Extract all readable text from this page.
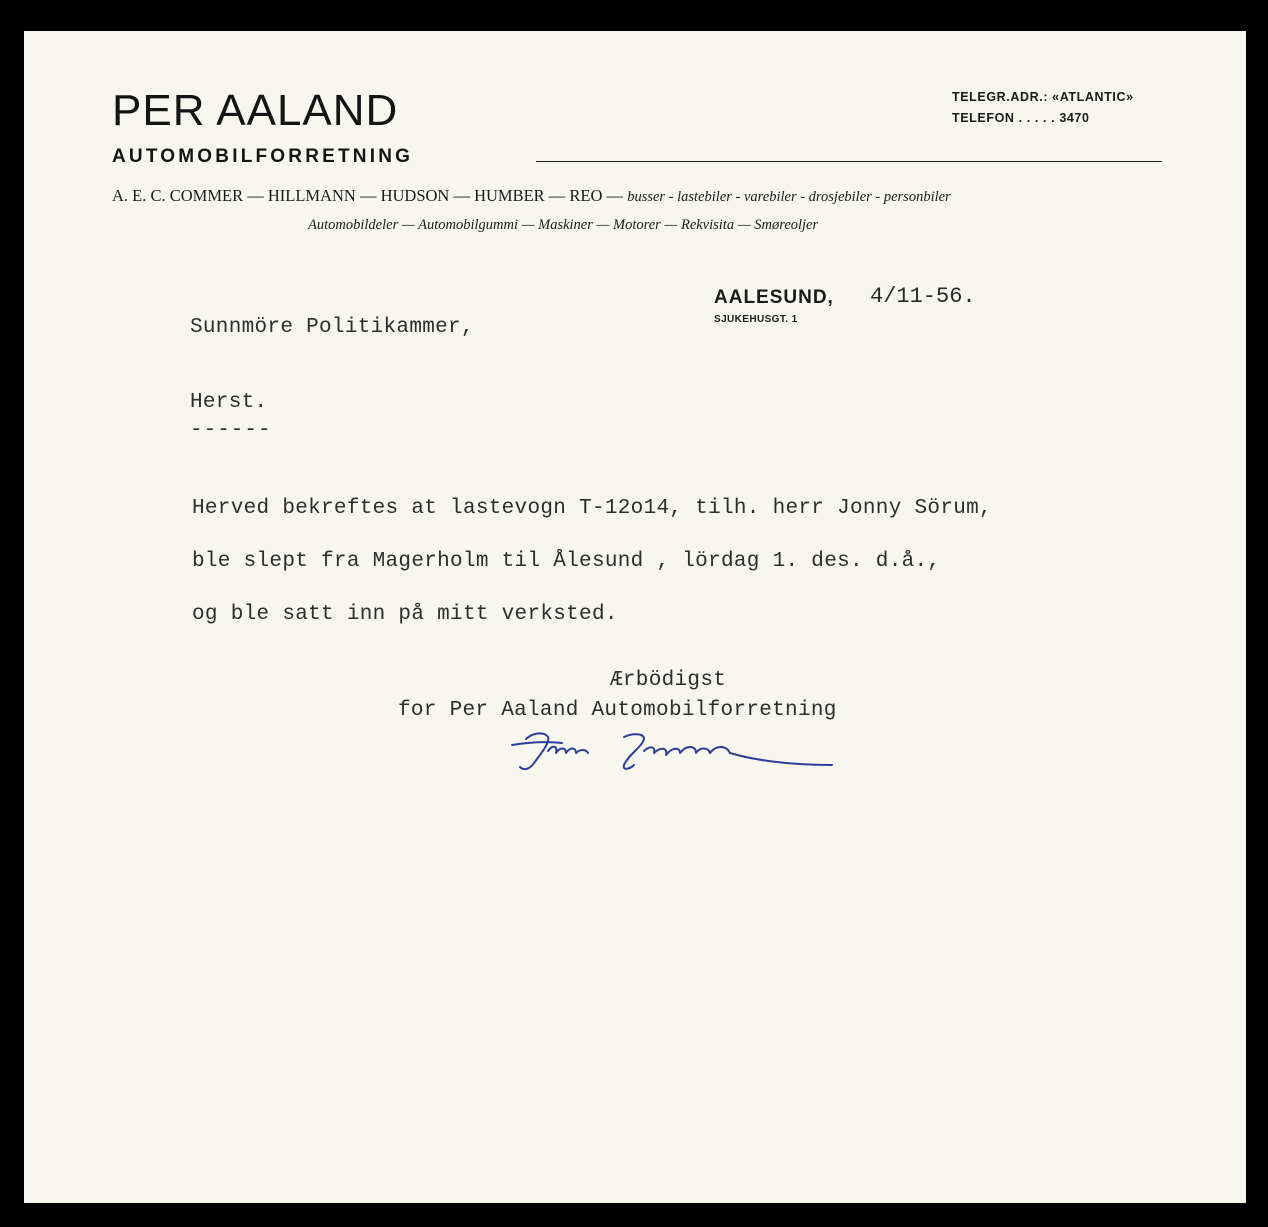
PER AALAND
AUTOMOBILFORRETNING
TELEGR.ADR.: «ATLANTIC»
TELEFON . . . . . 3470
A. E. C. COMMER — HILLMANN — HUDSON — HUMBER — REO — busser - lastebiler - varebiler - drosjebiler - personbiler
Automobildeler — Automobilgummi — Maskiner — Motorer — Rekvisita — Smøreoljer
AALESUND, 4/11-56.
SJUKEHUSGT. 1
Sunnmöre Politikammer,
Herst.
------
Herved bekreftes at lastevogn T-12o14, tilh. herr Jonny Sörum,
ble slept fra Magerholm til Ålesund , lördag 1. des. d.å.,
og ble satt inn på mitt verksted.
Ærbödigst
for Per Aaland Automobilforretning
